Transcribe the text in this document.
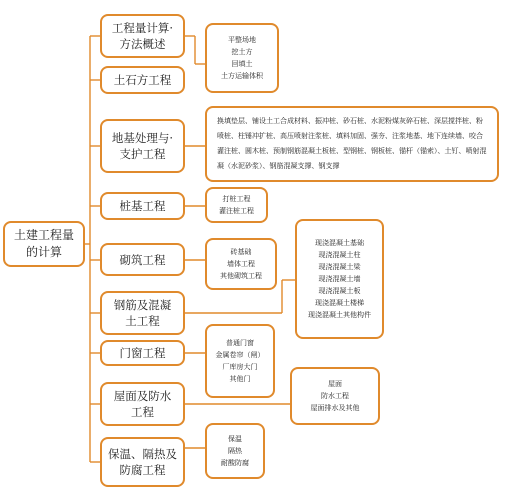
土建工程量
的计算
工程量计算·
方法概述
土石方工程
地基处理与·
支护工程
桩基工程
砌筑工程
钢筋及混凝
土工程
门窗工程
屋面及防水
工程
保温、隔热及
防腐工程
平整场地
挖土方
回填土
土方运输体积
换填垫层、铺设土工合成材料、振冲桩、砂石桩、水泥粉煤灰碎石桩、深层搅拌桩、粉喷桩、柱锤冲扩桩、高压喷射注浆桩、填料加固、强夯、注浆地基、地下连续墙、咬合灌注桩、圆木桩、预制钢筋混凝土板桩、型钢桩、钢板桩、锚杆（锚索）、土钉、喷射混凝（水泥砂浆）、钢筋混凝支撑、钢支撑
打桩工程
灌注桩工程
砖基础
墙体工程
其他砌筑工程
现浇混凝土基础
现浇混凝土柱
现浇混凝土梁
现浇混凝土墙
现浇混凝土板
现浇混凝土楼梯
现浇混凝土其他构件
普通门窗
金属卷帘（闸）
厂库房大门
其他门
屋面
防水工程
屋面排水及其他
保温
隔热
耐酸防腐
